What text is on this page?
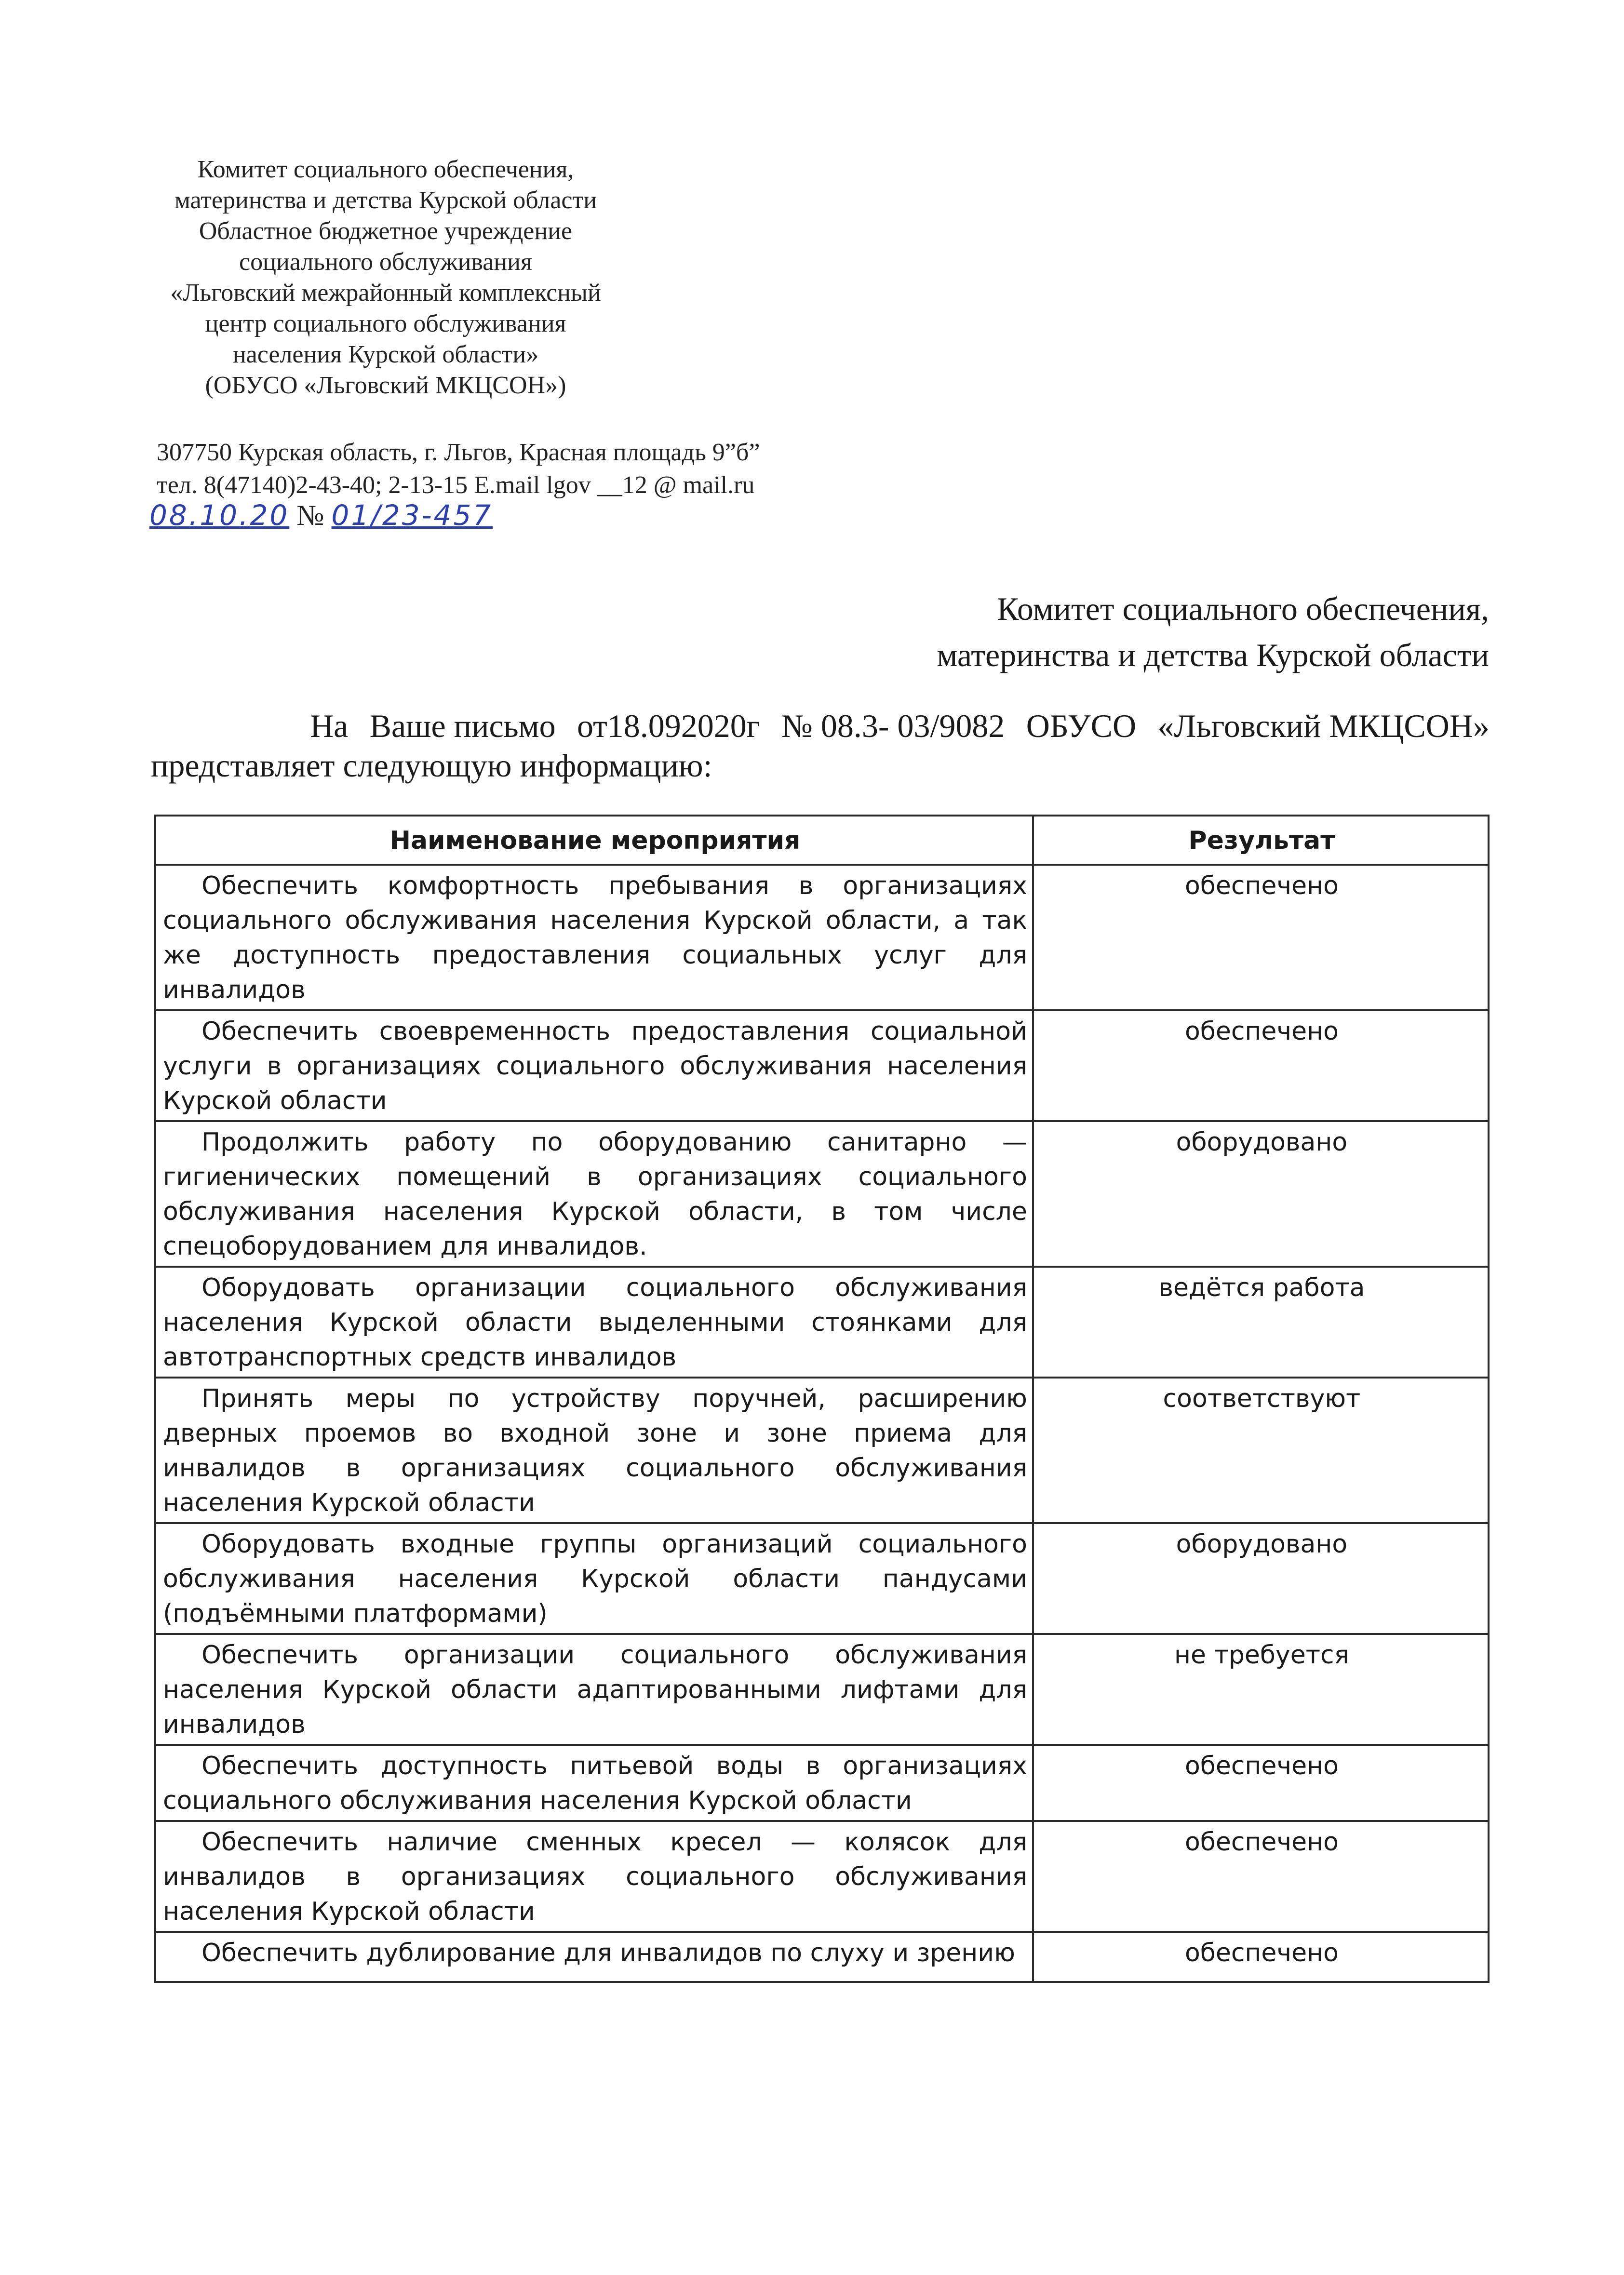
Комитет социального обеспечения,
материнства и детства Курской области
Областное бюджетное учреждение
социального обслуживания
«Льговский межрайонный комплексный
центр социального обслуживания
населения Курской области»
(ОБУСО «Льговский МКЦСОН»)
307750 Курская область, г. Льгов, Красная площадь 9”б”
тел. 8(47140)2-43-40; 2-13-15 E.mail lgov __12 @ mail.ru
08.10.20 № 01/23-457
Комитет социального обеспечения,
материнства и детства Курской области
На Ваше письмо от18.092020г № 08.3- 03/9082 ОБУСО «Льговский МКЦСОН»
представляет следующую информацию:
Наименование мероприятия	Результат
Обеспечить комфортность пребывания в организациях социального обслуживания населения Курской области, а так же доступность предоставления социальных услуг для инвалидов	обеспечено
Обеспечить своевременность предоставления социальной услуги в организациях социального обслуживания населения Курской области	обеспечено
Продолжить работу по оборудованию санитарно — гигиенических помещений в организациях социального обслуживания населения Курской области, в том числе спецоборудованием для инвалидов.	оборудовано
Оборудовать организации социального обслуживания населения Курской области выделенными стоянками для автотранспортных средств инвалидов	ведётся работа
Принять меры по устройству поручней, расширению дверных проемов во входной зоне и зоне приема для инвалидов в организациях социального обслуживания населения Курской области	соответствуют
Оборудовать входные группы организаций социального обслуживания населения Курской области пандусами (подъёмными платформами)	оборудовано
Обеспечить организации социального обслуживания населения Курской области адаптированными лифтами для инвалидов	не требуется
Обеспечить доступность питьевой воды в организациях социального обслуживания населения Курской области	обеспечено
Обеспечить наличие сменных кресел — колясок для инвалидов в организациях социального обслуживания населения Курской области	обеспечено
Обеспечить дублирование для инвалидов по слуху и зрению	обеспечено
